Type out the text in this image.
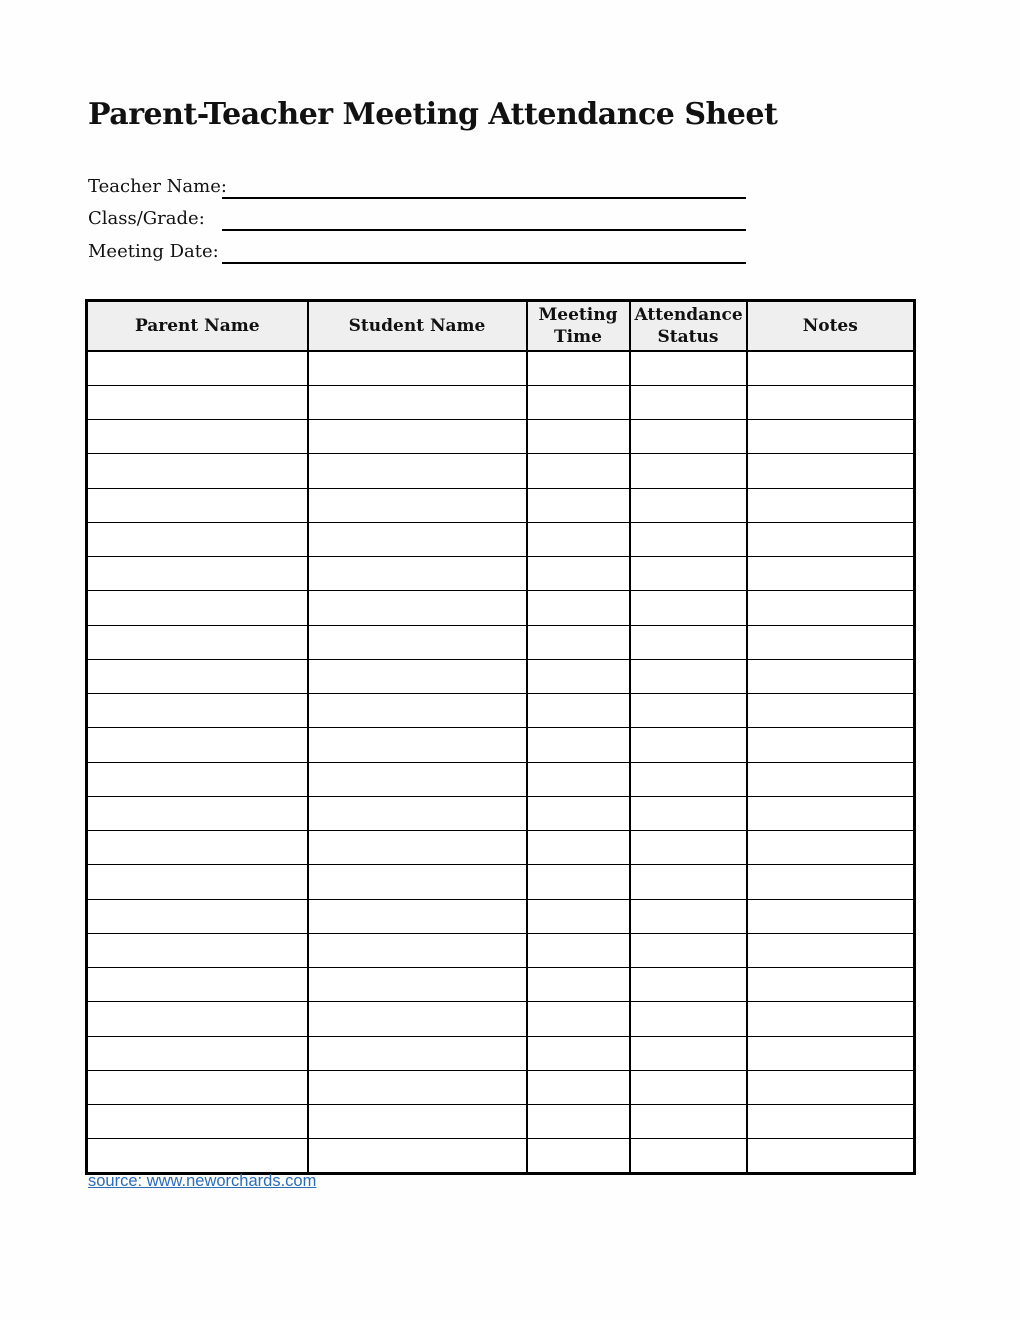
Parent-Teacher Meeting Attendance Sheet
Teacher Name:
Class/Grade:
Meeting Date:
Parent Name	Student Name	Meeting Time	Attendance Status	Notes

source: www.neworchards.com
